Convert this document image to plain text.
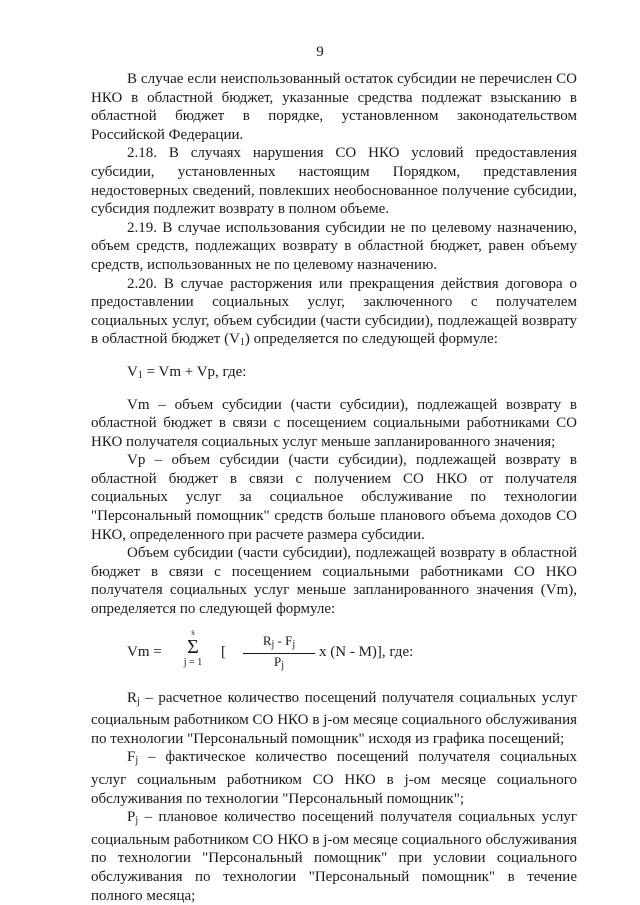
9

В случае если неиспользованный остаток субсидии не перечислен СО НКО в областной бюджет, указанные средства подлежат взысканию в областной бюджет в порядке, установленном законодательством Российской Федерации.

2.18. В случаях нарушения СО НКО условий предоставления субсидии, установленных настоящим Порядком, представления недостоверных сведений, повлекших необоснованное получение субсидии, субсидия подлежит возврату в полном объеме.

2.19. В случае использования субсидии не по целевому назначению, объем средств, подлежащих возврату в областной бюджет, равен объему средств, использованных не по целевому назначению.

2.20. В случае расторжения или прекращения действия договора о предоставлении социальных услуг, заключенного с получателем социальных услуг, объем субсидии (части субсидии), подлежащей возврату в областной бюджет $(V_1)$ определяется по следующей формуле:

$V_1 = Vm + Vp$, где:

Vm – объем субсидии (части субсидии), подлежащей возврату в областной бюджет в связи с посещением социальными работниками СО НКО получателя социальных услуг меньше запланированного значения;

Vp – объем субсидии (части субсидии), подлежащей возврату в областной бюджет в связи с получением СО НКО от получателя социальных услуг за социальное обслуживание по технологии "Персональный помощник" средств больше планового объема доходов СО НКО, определенного при расчете размера субсидии.

Объем субсидии (части субсидии), подлежащей возврату в областной бюджет в связи с посещением социальными работниками СО НКО получателя социальных услуг меньше запланированного значения (Vm), определяется по следующей формуле:

Vm =
s
Σ
j = 1
[ $\frac{R_j - F_j}{P_j}$ x (N - M)], где:

$R_j$ – расчетное количество посещений получателя социальных услуг социальным работником СО НКО в j-ом месяце социального обслуживания по технологии "Персональный помощник" исходя из графика посещений;

$F_j$ – фактическое количество посещений получателя социальных услуг социальным работником СО НКО в j-ом месяце социального обслуживания по технологии "Персональный помощник";

$P_j$ – плановое количество посещений получателя социальных услуг социальным работником СО НКО в j-ом месяце социального обслуживания по технологии "Персональный помощник" при условии социального обслуживания по технологии "Персональный помощник" в течение полного месяца;
